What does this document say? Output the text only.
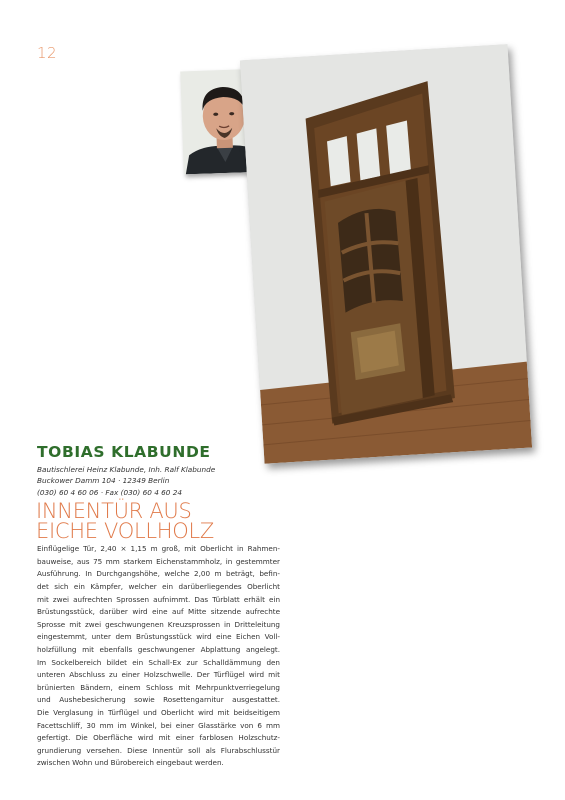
12
TOBIAS KLABUNDE
Bautischlerei Heinz Klabunde, Inh. Ralf Klabunde
Buckower Damm 104 · 12349 Berlin
(030) 60 4 60 06 · Fax (030) 60 4 60 24
INNENTÜR AUS
EICHE VOLLHOLZ
Einflügelige Tür, 2,40 × 1,15 m groß, mit Oberlicht in Rahmen-
bauweise, aus 75 mm starkem Eichenstammholz, in gestemmter
Ausführung. In Durchgangshöhe, welche 2,00 m beträgt, befin-
det sich ein Kämpfer, welcher ein darüberliegendes Oberlicht
mit zwei aufrechten Sprossen aufnimmt. Das Türblatt erhält ein
Brüstungsstück, darüber wird eine auf Mitte sitzende aufrechte
Sprosse mit zwei geschwungenen Kreuzsprossen in Dritteleitung
eingestemmt, unter dem Brüstungsstück wird eine Eichen Voll-
holzfüllung mit ebenfalls geschwungener Abplattung angelegt.
Im Sockelbereich bildet ein Schall-Ex zur Schalldämmung den
unteren Abschluss zu einer Holzschwelle. Der Türflügel wird mit
brünierten Bändern, einem Schloss mit Mehrpunktverriegelung
und Aushebesicherung sowie Rosettengarnitur ausgestattet.
Die Verglasung in Türflügel und Oberlicht wird mit beidseitigem
Facettschliff, 30 mm im Winkel, bei einer Glasstärke von 6 mm
gefertigt. Die Oberfläche wird mit einer farblosen Holzschutz-
grundierung versehen. Diese Innentür soll als Flurabschlusstür
zwischen Wohn und Bürobereich eingebaut werden.
